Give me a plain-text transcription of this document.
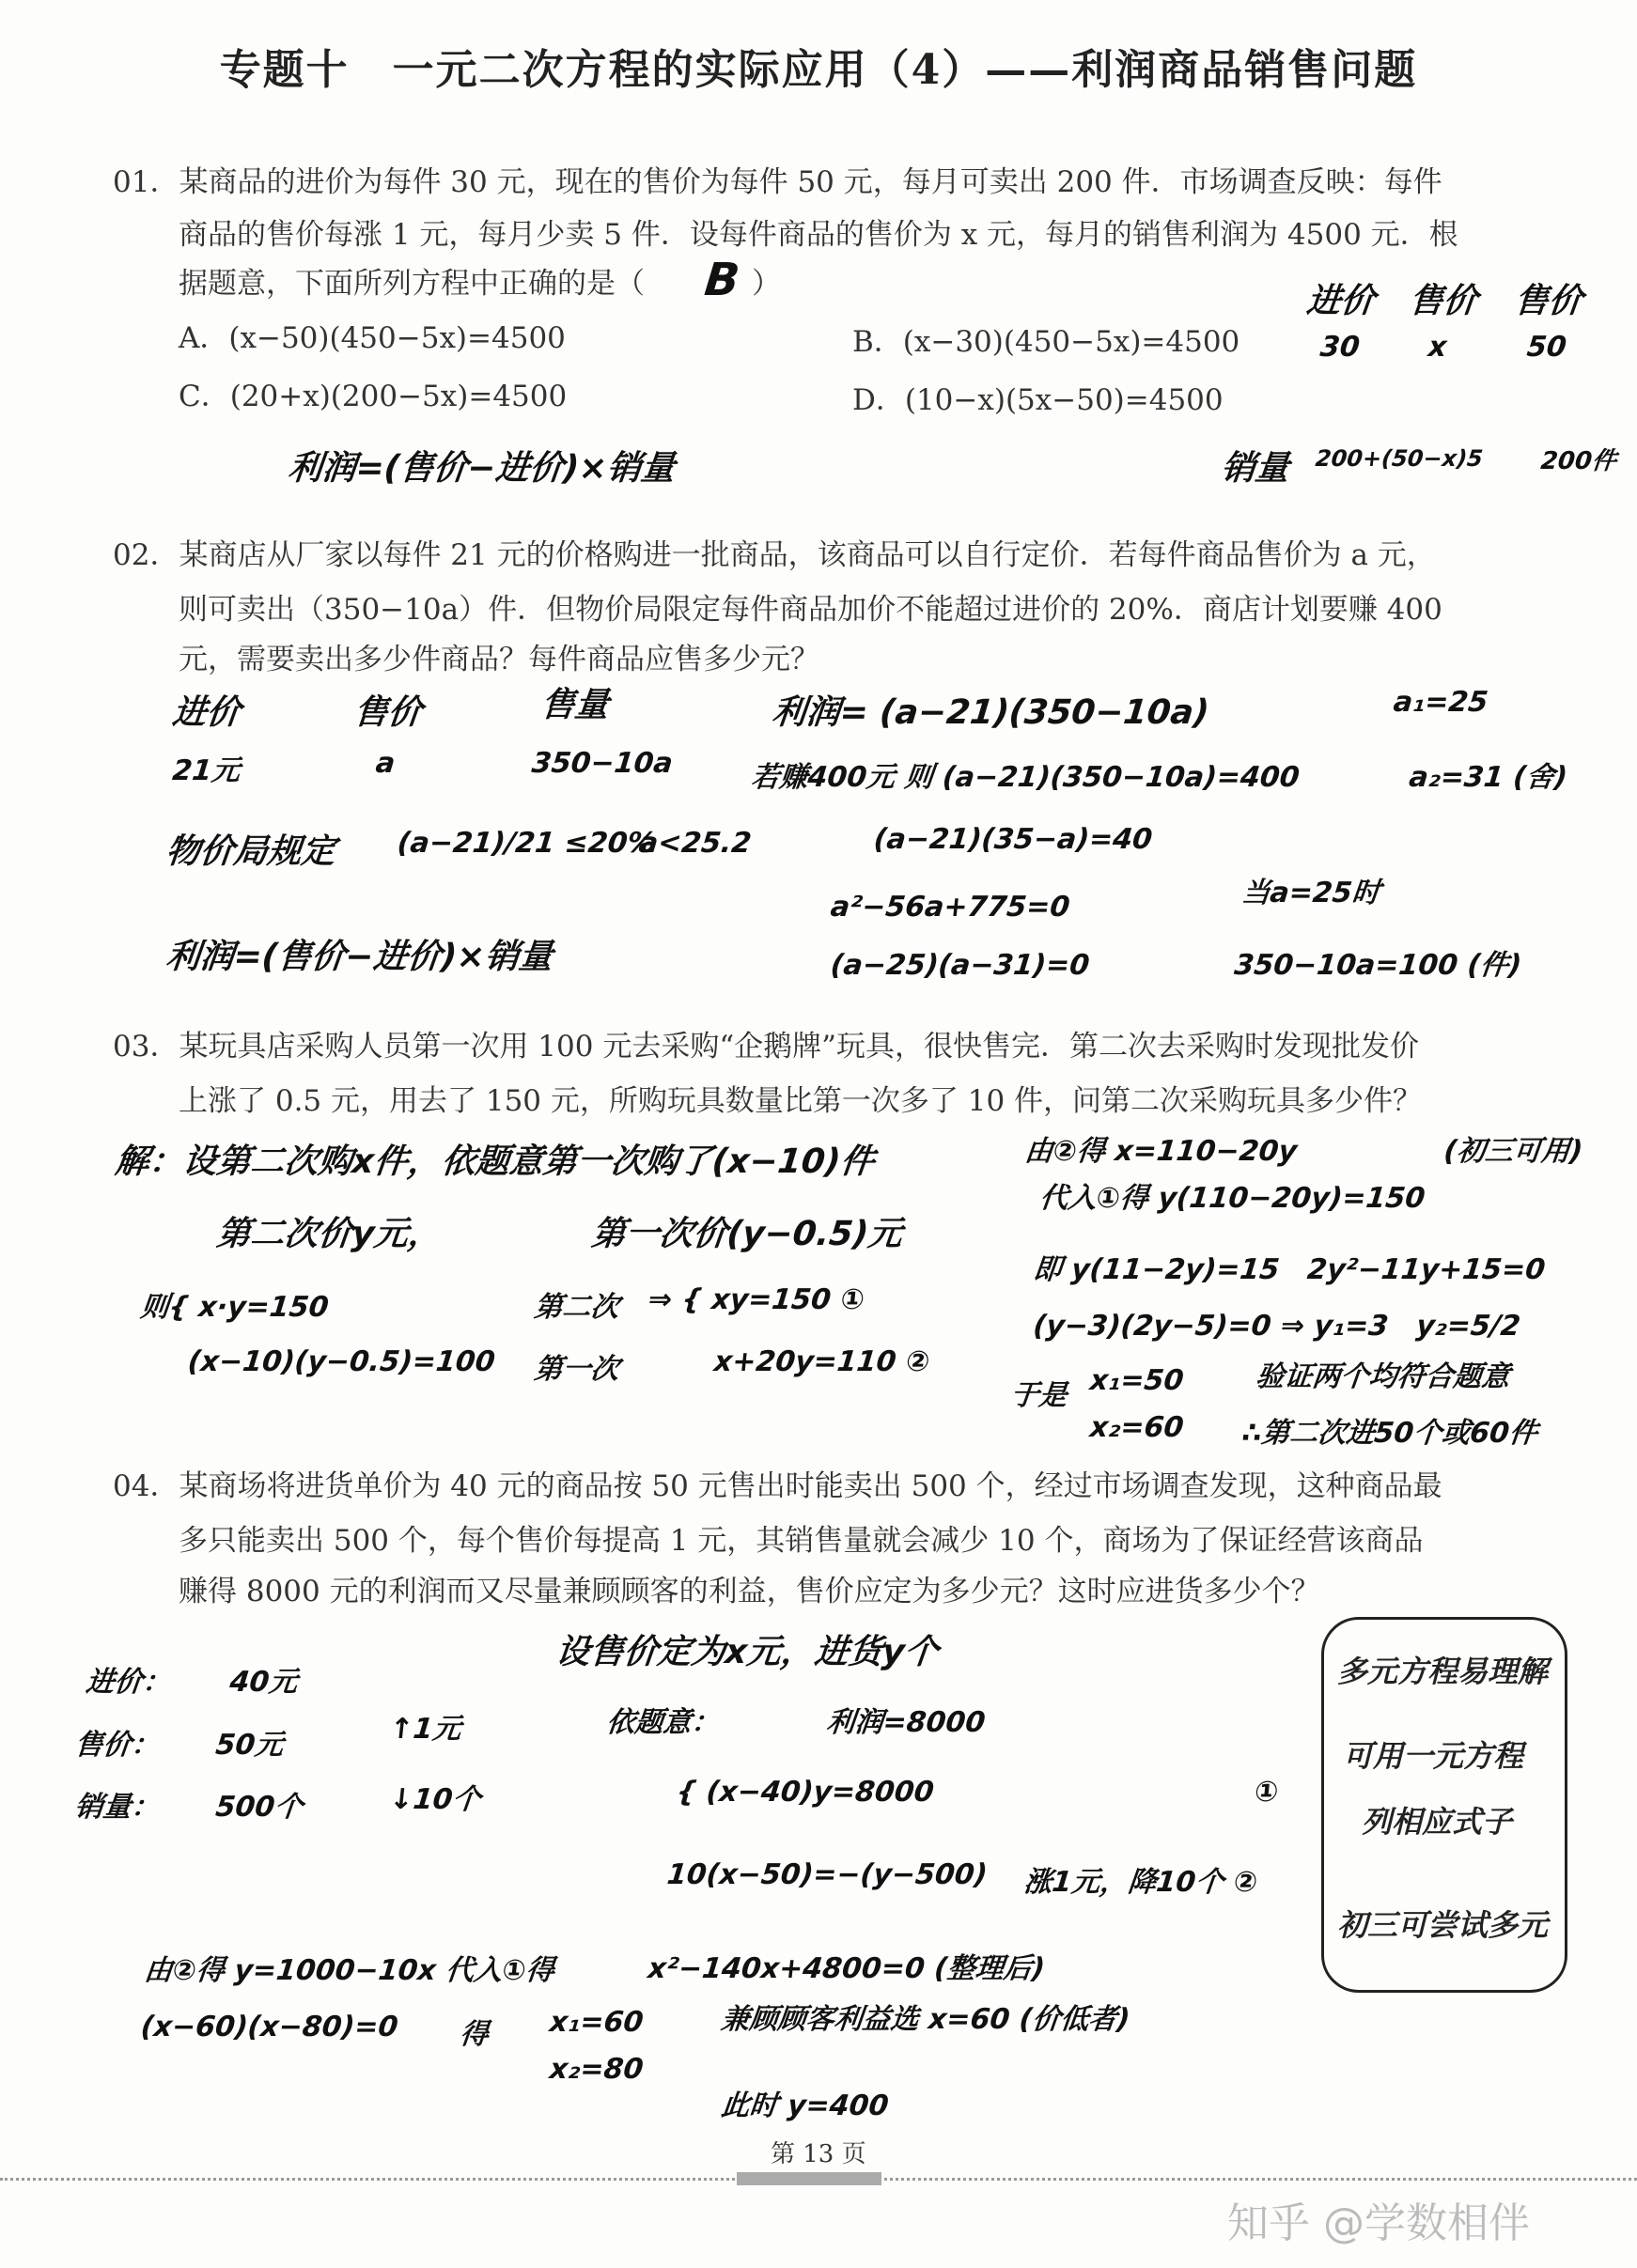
专题十　一元二次方程的实际应用（4）——利润商品销售问题
01．某商品的进价为每件 30 元，现在的售价为每件 50 元，每月可卖出 200 件．市场调查反映：每件
商品的售价每涨 1 元，每月少卖 5 件．设每件商品的售价为 x 元，每月的销售利润为 4500 元．根
据题意，下面所列方程中正确的是（ B ）
A．(x−50)(450−5x)=4500	B．(x−30)(450−5x)=4500
C．(20+x)(200−5x)=4500	D．(10−x)(5x−50)=4500
进价 售价 售价
30 x	50
利润=(售价−进价)×销量	销量 200+(50−x)5 200件
02．某商店从厂家以每件 21 元的价格购进一批商品，该商品可以自行定价．若每件商品售价为 a 元，
则可卖出（350−10a）件．但物价局限定每件商品加价不能超过进价的 20%．商店计划要赚 400
元，需要卖出多少件商品？每件商品应售多少元？
进价	售价	售量	利润= (a−21)(350−10a)	a₁=25
21元	a	350−10a	若赚400元 则 (a−21)(350−10a)=400	a₂=31 (舍)
物价局规定 (a−21)/21 ≤20%
a<25.2	(a−21)(35−a)=40
当a=25时
a²−56a+775=0
利润=(售价−进价)×销量	(a−25)(a−31)=0	350−10a=100 (件)
03．某玩具店采购人员第一次用 100 元去采购“企鹅牌”玩具，很快售完．第二次去采购时发现批发价
上涨了 0.5 元，用去了 150 元，所购玩具数量比第一次多了 10 件，问第二次采购玩具多少件？
解：设第二次购x件，依题意第一次购了(x−10)件
第二次价y元，	第一次价(y−0.5)元
则{ x·y=150
(x−10)(y−0.5)=100
第二次
第一次
⇒ { xy=150 ①
x+20y=110 ②
由②得 x=110−20y	(初三可用)
代入①得 y(110−20y)=150
即 y(11−2y)=15　2y²−11y+15=0
(y−3)(2y−5)=0 ⇒ y₁=3　y₂=5/2
于是 x₁=50
x₂=60
验证两个均符合题意
∴第二次进50个或60件
04．某商场将进货单价为 40 元的商品按 50 元售出时能卖出 500 个，经过市场调查发现，这种商品最
多只能卖出 500 个，每个售价每提高 1 元，其销售量就会减少 10 个，商场为了保证经营该商品
赚得 8000 元的利润而又尽量兼顾顾客的利益，售价应定为多少元？这时应进货多少个？
设售价定为x元，进货y个
进价： 40元
售价： 50元	↑1元
销量： 500个	↓10个
依题意：	利润=8000
{ (x−40)y=8000	①
10(x−50)=−(y−500) 涨1元，降10个 ②
由②得 y=1000−10x 代入①得	x²−140x+4800=0 (整理后)
(x−60)(x−80)=0 得 x₁=60
x₂=80
兼顾顾客利益选 x=60 (价低者)
此时 y=400
多元方程易理解
可用一元方程
列相应式子
初三可尝试多元
第 13 页
知乎 @学数相伴
